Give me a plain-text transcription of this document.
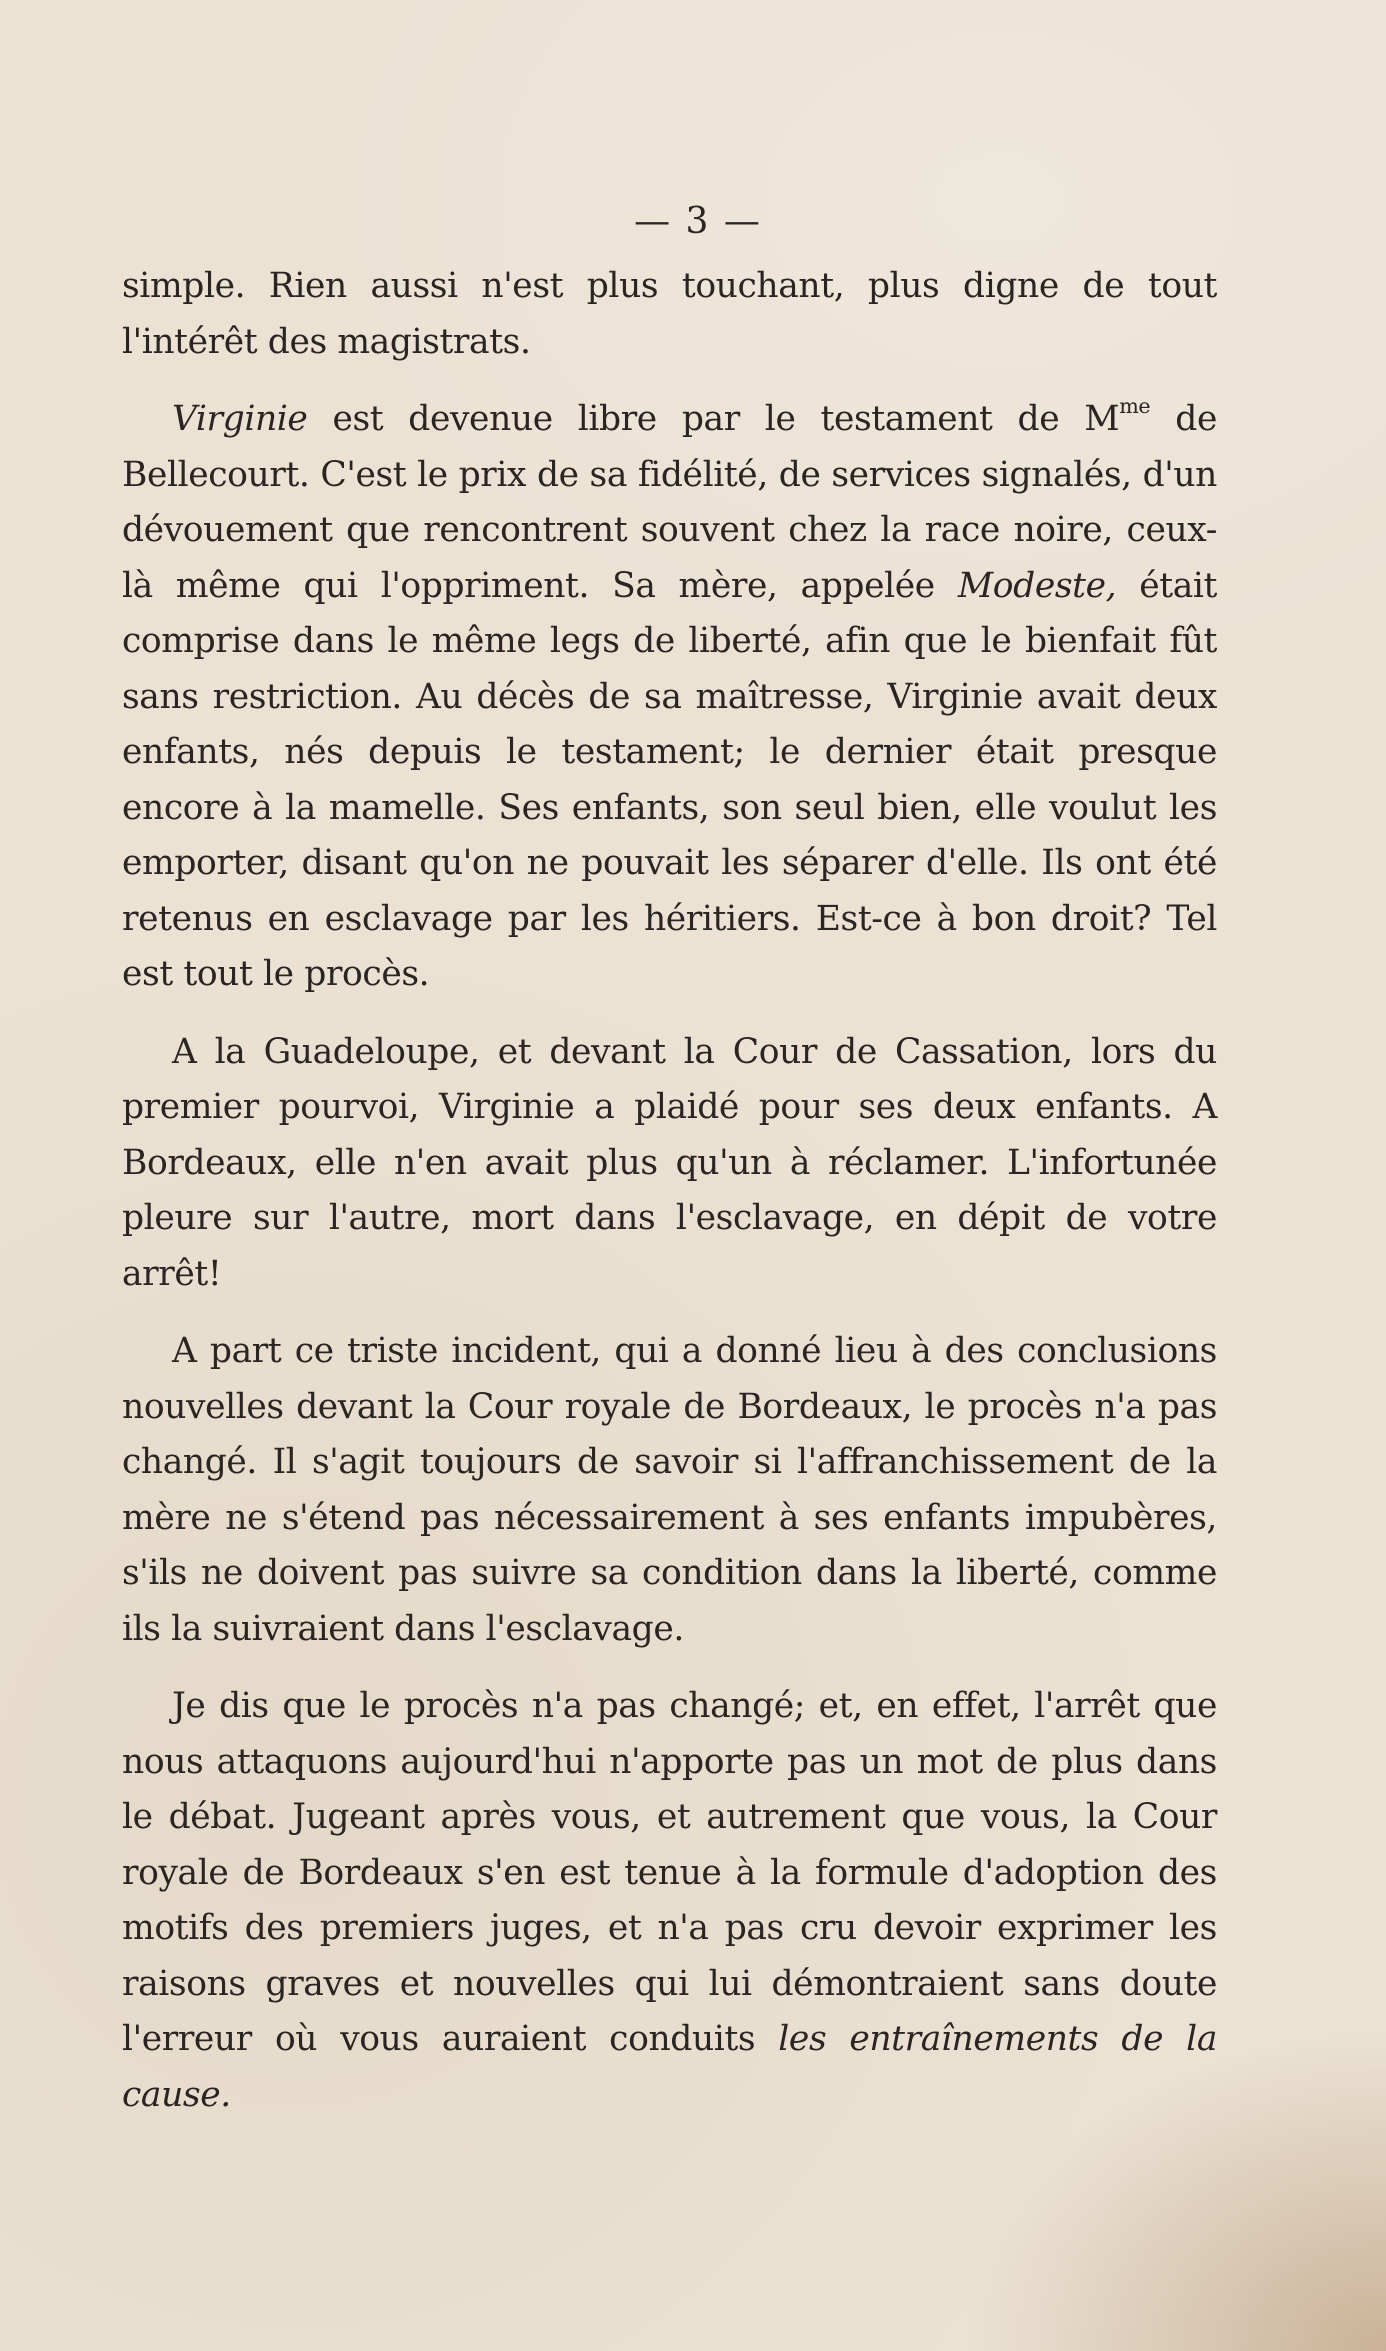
— 3 —

simple. Rien aussi n'est plus touchant, plus digne de tout l'intérêt des magistrats.

Virginie est devenue libre par le testament de $M^{me}$ de Bellecourt. C'est le prix de sa fidélité, de services signalés, d'un dévouement que rencontrent souvent chez la race noire, ceux-là même qui l'oppriment. Sa mère, appelée Modeste, était comprise dans le même legs de liberté, afin que le bienfait fût sans restriction. Au décès de sa maîtresse, Virginie avait deux enfants, nés depuis le testament; le dernier était presque encore à la mamelle. Ses enfants, son seul bien, elle voulut les emporter, disant qu'on ne pouvait les séparer d'elle. Ils ont été retenus en esclavage par les héritiers. Est-ce à bon droit? Tel est tout le procès.

A la Guadeloupe, et devant la Cour de Cassation, lors du premier pourvoi, Virginie a plaidé pour ses deux enfants. A Bordeaux, elle n'en avait plus qu'un à réclamer. L'infortunée pleure sur l'autre, mort dans l'esclavage, en dépit de votre arrêt!

A part ce triste incident, qui a donné lieu à des conclusions nouvelles devant la Cour royale de Bordeaux, le procès n'a pas changé. Il s'agit toujours de savoir si l'affranchissement de la mère ne s'étend pas nécessairement à ses enfants impubères, s'ils ne doivent pas suivre sa condition dans la liberté, comme ils la suivraient dans l'esclavage.

Je dis que le procès n'a pas changé; et, en effet, l'arrêt que nous attaquons aujourd'hui n'apporte pas un mot de plus dans le débat. Jugeant après vous, et autrement que vous, la Cour royale de Bordeaux s'en est tenue à la formule d'adoption des motifs des premiers juges, et n'a pas cru devoir exprimer les raisons graves et nouvelles qui lui démontraient sans doute l'erreur où vous auraient conduits les entraînements de la cause.
